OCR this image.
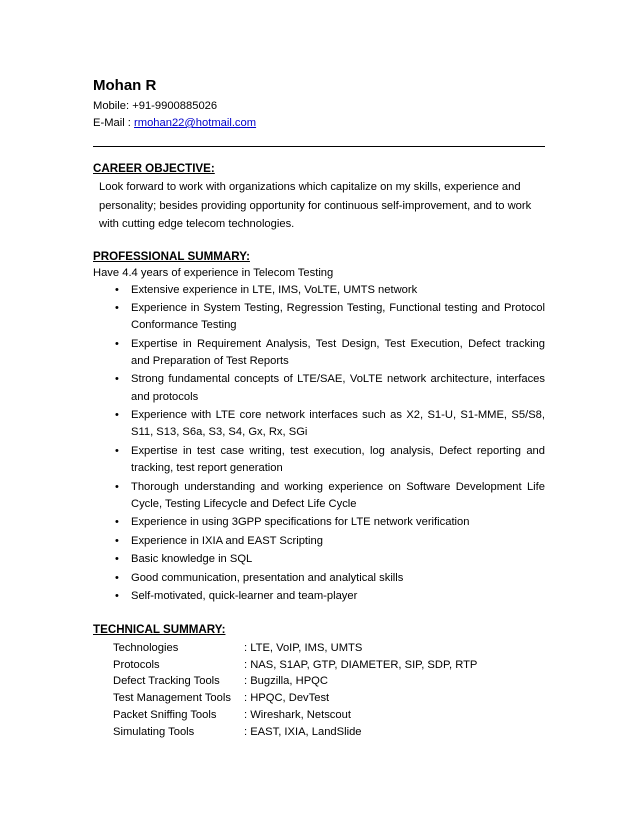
Mohan R
Mobile: +91-9900885026
E-Mail : rmohan22@hotmail.com
CAREER OBJECTIVE:
Look forward to work with organizations which capitalize on my skills, experience and personality; besides providing opportunity for continuous self-improvement, and to work with cutting edge telecom technologies.
PROFESSIONAL SUMMARY:
Have 4.4 years of experience in Telecom Testing
• Extensive experience in LTE, IMS, VoLTE, UMTS network
• Experience in System Testing, Regression Testing, Functional testing and Protocol Conformance Testing
• Expertise in Requirement Analysis, Test Design, Test Execution, Defect tracking and Preparation of Test Reports
• Strong fundamental concepts of LTE/SAE, VoLTE network architecture, interfaces and protocols
• Experience with LTE core network interfaces such as X2, S1-U, S1-MME, S5/S8, S11, S13, S6a, S3, S4, Gx, Rx, SGi
• Expertise in test case writing, test execution, log analysis, Defect reporting and tracking, test report generation
• Thorough understanding and working experience on Software Development Life Cycle, Testing Lifecycle and Defect Life Cycle
• Experience in using 3GPP specifications for LTE network verification
• Experience in IXIA and EAST Scripting
• Basic knowledge in SQL
• Good communication, presentation and analytical skills
• Self-motivated, quick-learner and team-player
TECHNICAL SUMMARY:
Technologies	: LTE, VoIP, IMS, UMTS
Protocols	: NAS, S1AP, GTP, DIAMETER, SIP, SDP, RTP
Defect Tracking Tools	: Bugzilla, HPQC
Test Management Tools	: HPQC, DevTest
Packet Sniffing Tools	: Wireshark, Netscout
Simulating Tools	: EAST, IXIA, LandSlide
